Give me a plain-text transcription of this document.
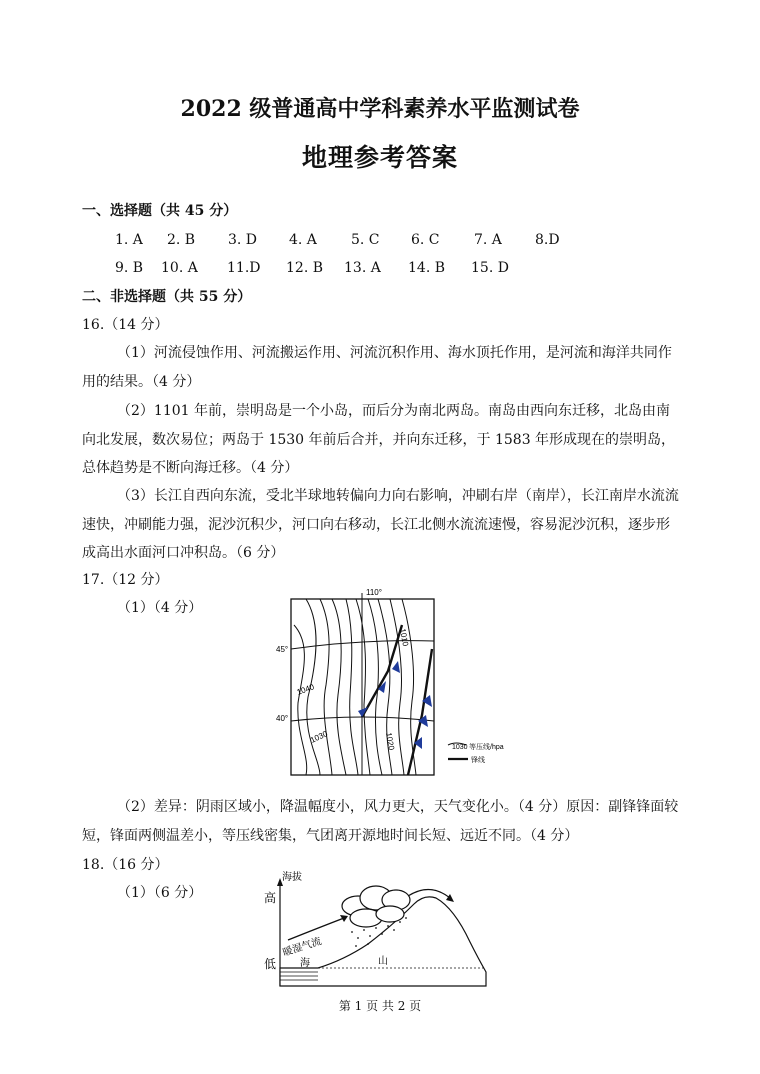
2022 级普通高中学科素养水平监测试卷
地理参考答案
一、选择题（共 45 分）
1. A 2. B 3. D 4. A 5. C 6. C 7. A 8.D
9. B 10. A 11.D 12. B 13. A 14. B 15. D
二、非选择题（共 55 分）
16.（14 分）
（1）河流侵蚀作用、河流搬运作用、河流沉积作用、海水顶托作用，是河流和海洋共同作用的结果。（4 分）
（2）1101 年前，崇明岛是一个小岛，而后分为南北两岛。南岛由西向东迁移，北岛由南向北发展，数次易位；两岛于 1530 年前后合并，并向东迁移，于 1583 年形成现在的崇明岛，总体趋势是不断向海迁移。（4 分）
（3）长江自西向东流，受北半球地转偏向力向右影响，冲刷右岸（南岸），长江南岸水流流速快，冲刷能力强，泥沙沉积少，河口向右移动，长江北侧水流流速慢，容易泥沙沉积，逐步形成高出水面河口冲积岛。（6 分）
17.（12 分）
（1）（4 分）
110°
45°
40°
1010
1040
1030	1020	1030 等压线/hpa
锋线
（2）差异：阴雨区域小，降温幅度小，风力更大，天气变化小。（4 分）原因：副锋锋面较短，锋面两侧温差小，等压线密集，气团离开源地时间长短、远近不同。（4 分）
18.（16 分）
（1）（6 分）
海拔
高
低
暖湿气流
海	山
第 1 页 共 2 页
